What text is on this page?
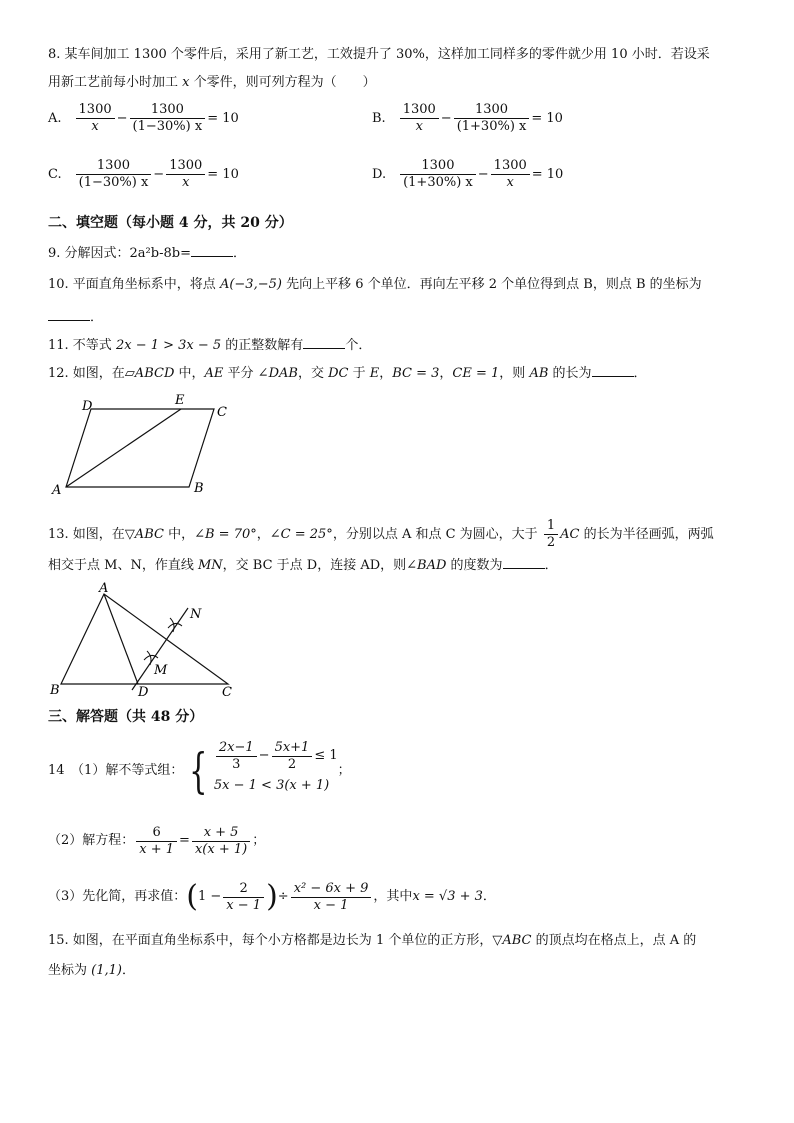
8. 某车间加工 1300 个零件后，采用了新工艺，工效提升了 30%，这样加工同样多的零件就少用 10 小时．若设采
用新工艺前每小时加工 x 个零件，则可列方程为（　　）
A. $\frac{1300}{x} - \frac{1300}{(1-30\%) x} = 10$	B. $\frac{1300}{x} - \frac{1300}{(1+30\%) x} = 10$
C. $\frac{1300}{(1-30\%) x} - \frac{1300}{x} = 10$	D. $\frac{1300}{(1+30\%) x} - \frac{1300}{x} = 10$
二、填空题（每小题 4 分，共 20 分）
9. 分解因式：2a²b-8b=	．
10. 平面直角坐标系中，将点 A(−3,−5) 先向上平移 6 个单位．再向左平移 2 个单位得到点 B，则点 B 的坐标为
．
11. 不等式 2x − 1 > 3x − 5 的正整数解有	个．
12. 如图，在▱ABCD 中，AE 平分 ∠DAB，交 DC 于 E，BC = 3，CE = 1，则 AB 的长为	．
A	B
C
D	E
13. 如图，在▽ABC 中，∠B = 70°，∠C = 25°，分别以点 A 和点 C 为圆心，大于 $\frac{1}{2}$ AC 的长为半径画弧，两弧
相交于点 M、N，作直线 MN，交 BC 于点 D，连接 AD，则∠BAD 的度数为	．
A
B	C
D
M
N
三、解答题（共 48 分）
14　（1）解不等式组： { $\frac{2x-1}{3} - \frac{5x+1}{2} \le 1$
5x − 1 < 3(x + 1)
；
（2）解方程： $\frac{6}{x + 1} = \frac{x + 5}{x(x + 1)}$ ；
（3）先化简，再求值： ( $1 - \frac{2}{x - 1}$ ) ÷ $\frac{\text{x² − 6x + 9}}{x - 1}$ ，其中 x = √3 + 3 ．
15. 如图，在平面直角坐标系中，每个小方格都是边长为 1 个单位的正方形，▽ABC 的顶点均在格点上，点 A 的
坐标为 (1,1)．
